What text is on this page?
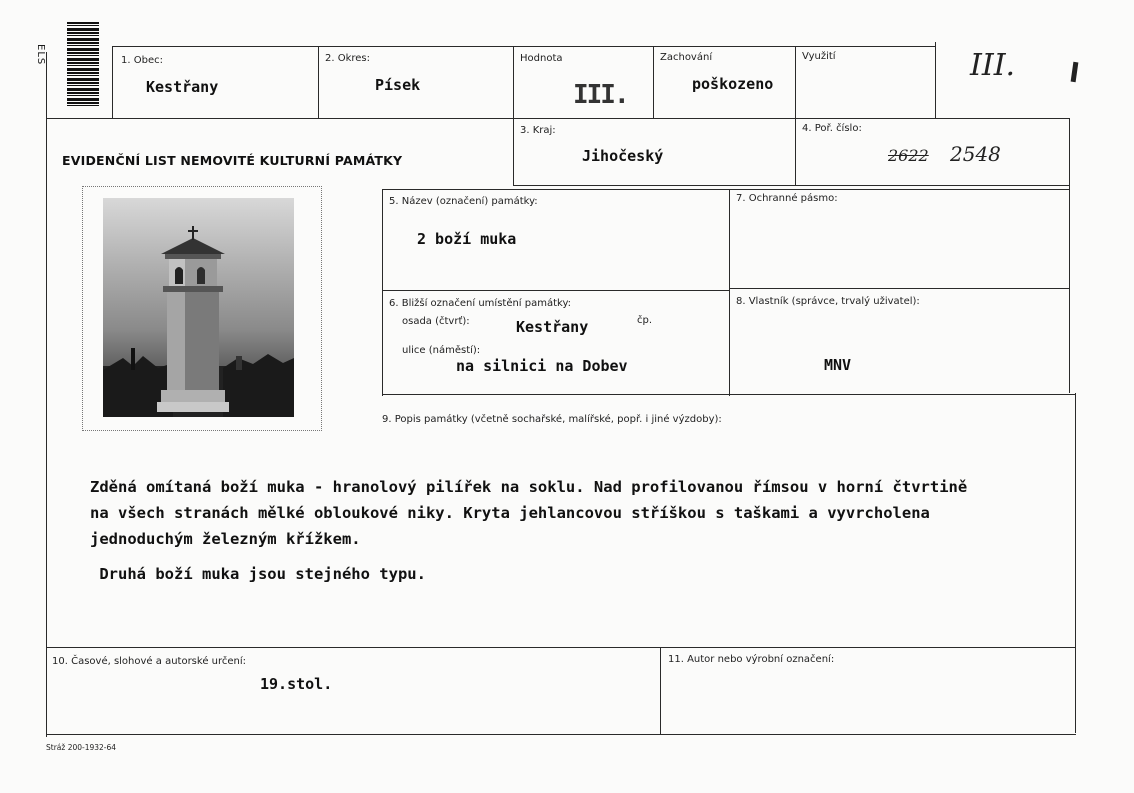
ELS	1. Obec:
Kestřany
2. Okres:
Písek
Hodnota
III.
Zachování
poškozeno
Využití	III.
EVIDENČNÍ LIST NEMOVITÉ KULTURNÍ PAMÁTKY
3. Kraj:
Jihočeský
4. Poř. číslo:
2622 2548
5. Název (označení) památky:
2 boží muka
7. Ochranné pásmo:
6. Bližší označení umístění památky:
osada (čtvrť):	Kestřany	čp.
ulice (náměstí):
na silnici na Dobev
8. Vlastník (správce, trvalý uživatel):
MNV
9. Popis památky (včetně sochařské, malířské, popř. i jiné výzdoby):
Zděná omítaná boží muka - hranolový pilířek na soklu. Nad profilovanou římsou v horní čtvrtině
na všech stranách mělké obloukové niky. Kryta jehlancovou stříškou s taškami a vyvrcholena
jednoduchým železným křížkem.
Druhá boží muka jsou stejného typu.
10. Časové, slohové a autorské určení:
19.stol.
11. Autor nebo výrobní označení:
Stráž 200-1932-64
